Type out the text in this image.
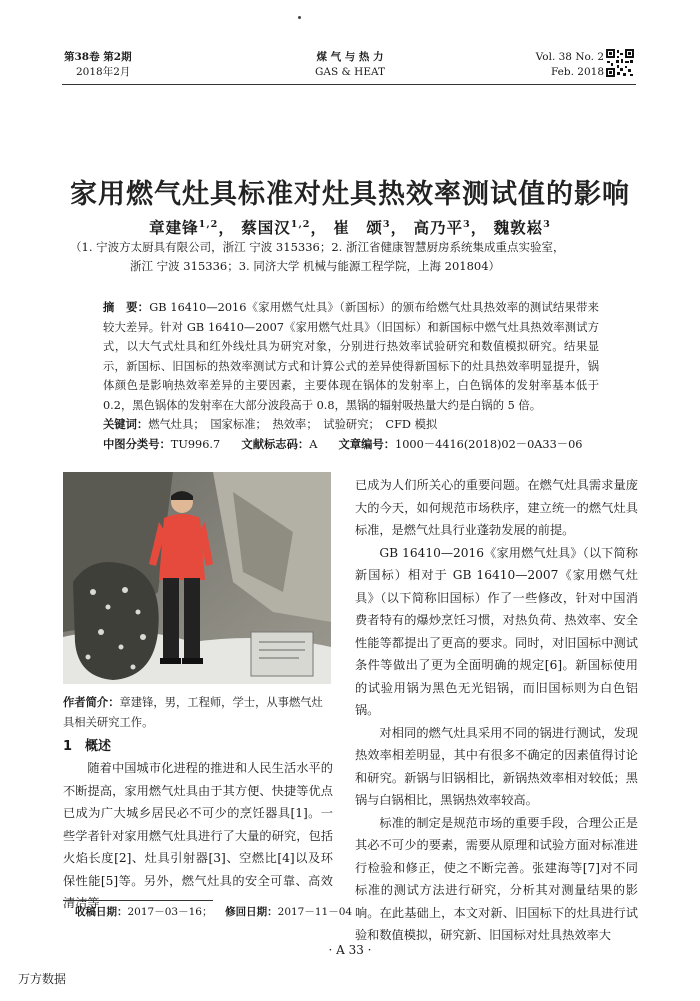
第38卷 第2期
2018年2月
煤 气 与 热 力
GAS & HEAT
Vol. 38 No. 2
Feb. 2018
家用燃气灶具标准对灶具热效率测试值的影响
章建锋$^{1,2}$， 蔡国汉$^{1,2}$， 崔　颂$^3$， 高乃平$^3$， 魏敦崧$^3$
（1. 宁波方太厨具有限公司，浙江 宁波 315336；2. 浙江省健康智慧厨房系统集成重点实验室，
浙江 宁波 315336；3. 同济大学 机械与能源工程学院，上海 201804）
摘　要：GB 16410—2016《家用燃气灶具》（新国标）的颁布给燃气灶具热效率的测试结果带来较大差异。针对 GB 16410—2007《家用燃气灶具》（旧国标）和新国标中燃气灶具热效率测试方式，以大气式灶具和红外线灶具为研究对象，分别进行热效率试验研究和数值模拟研究。结果显示，新国标、旧国标的热效率测试方式和计算公式的差异使得新国标下的灶具热效率明显提升，锅体颜色是影响热效率差异的主要因素，主要体现在锅体的发射率上，白色锅体的发射率基本低于 0.2，黑色锅体的发射率在大部分波段高于 0.8，黑锅的辐射吸热量大约是白锅的 5 倍。
关键词：燃气灶具；　国家标准；　热效率；　试验研究；　CFD 模拟
中图分类号：TU996.7 文献标志码：A 文章编号：1000－4416(2018)02－0A33－06
作者简介：章建锋，男，工程师，学士，从事燃气灶具相关研究工作。
1　概述

随着中国城市化进程的推进和人民生活水平的不断提高，家用燃气灶具由于其方便、快捷等优点已成为广大城乡居民必不可少的烹饪器具[1]。一些学者针对家用燃气灶具进行了大量的研究，包括火焰长度[2]、灶具引射器[3]、空燃比[4]以及环保性能[5]等。另外，燃气灶具的安全可靠、高效清洁等

已成为人们所关心的重要问题。在燃气灶具需求量庞大的今天，如何规范市场秩序，建立统一的燃气灶具标准，是燃气灶具行业蓬勃发展的前提。

GB 16410—2016《家用燃气灶具》（以下简称新国标）相对于 GB 16410—2007《家用燃气灶具》（以下简称旧国标）作了一些修改，针对中国消费者特有的爆炒烹饪习惯，对热负荷、热效率、安全性能等都提出了更高的要求。同时，对旧国标中测试条件等做出了更为全面明确的规定[6]。新国标使用的试验用锅为黑色无光铝锅，而旧国标则为白色铝锅。

对相同的燃气灶具采用不同的锅进行测试，发现热效率相差明显，其中有很多不确定的因素值得讨论和研究。新锅与旧锅相比，新锅热效率相对较低；黑锅与白锅相比，黑锅热效率较高。

标准的制定是规范市场的重要手段，合理公正是其必不可少的要素，需要从原理和试验方面对标准进行检验和修正，使之不断完善。张建海等[7]对不同标准的测试方法进行研究，分析其对测量结果的影响。在此基础上，本文对新、旧国标下的灶具进行试验和数值模拟，研究新、旧国标对灶具热效率大

收稿日期：2017－03－16； 修回日期：2017－11－04
· A 33 ·
万方数据
